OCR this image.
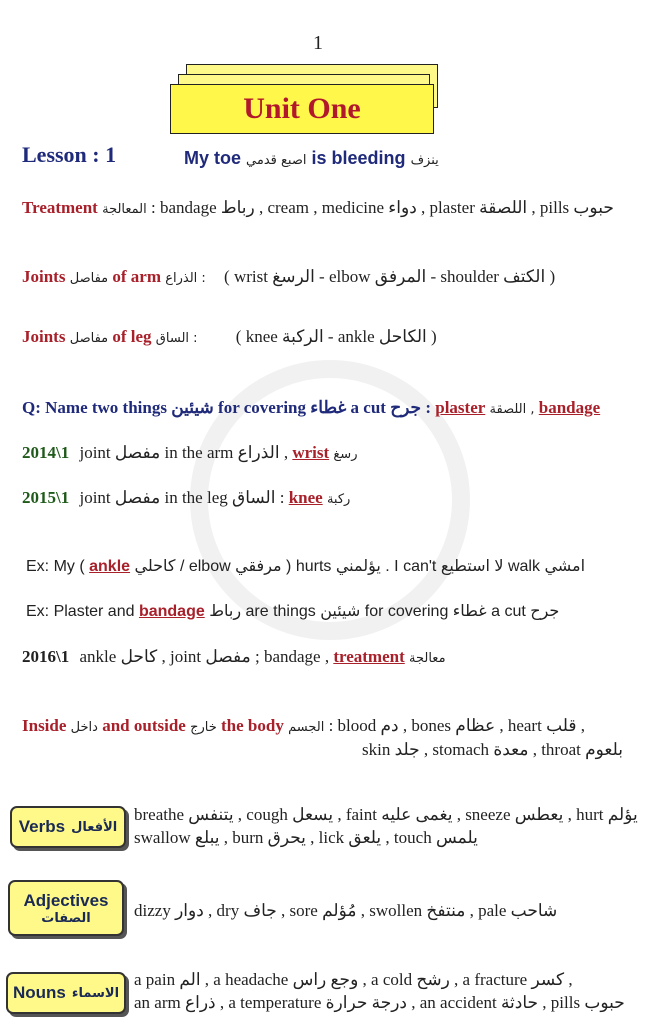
1
Unit One
Lesson : 1	My toe اصبع قدمي is bleeding ينزف
Treatment المعالجة : bandage رباط , cream , medicine دواء , plaster اللصقة , pills حبوب
Joints مفاصل of arm الذراع : ( wrist الرسغ - elbow المرفق - shoulder الكتف )
Joints مفاصل of leg الساق : ( knee الركبة - ankle الكاحل )
Q: Name two things شيئين for covering غطاء a cut جرح : plaster اللصقة , bandage
2014\1 joint مفصل in the arm الذراع , wrist رسغ
2015\1 joint مفصل in the leg الساق : knee ركبة
Ex: My ( ankle كاحلي / elbow مرفقي ) hurts يؤلمني . I can't لا استطيع walk امشي
Ex: Plaster and bandage رباط are things شيئين for covering غطاء a cut جرح
2016\1 ankle كاحل , joint مفصل ; bandage , treatment معالجة
Inside داخل and outside خارج the body الجسم : blood دم , bones عظام , heart قلب ,
skin جلد , stomach معدة , throat بلعوم
Verbs الأفعال
breathe يتنفس , cough يسعل , faint يغمى عليه , sneeze يعطس , hurt يؤلم
swallow يبلع , burn يحرق , lick يلعق , touch يلمس
Adjectives
الصفات	dizzy دوار , dry جاف , sore مُؤلم , swollen منتفخ , pale شاحب
Nouns الاسماء
a pain الم , a headache وجع راس , a cold رشح , a fracture كسر ,
an arm ذراع , a temperature درجة حرارة , an accident حادثة , pills حبوب
